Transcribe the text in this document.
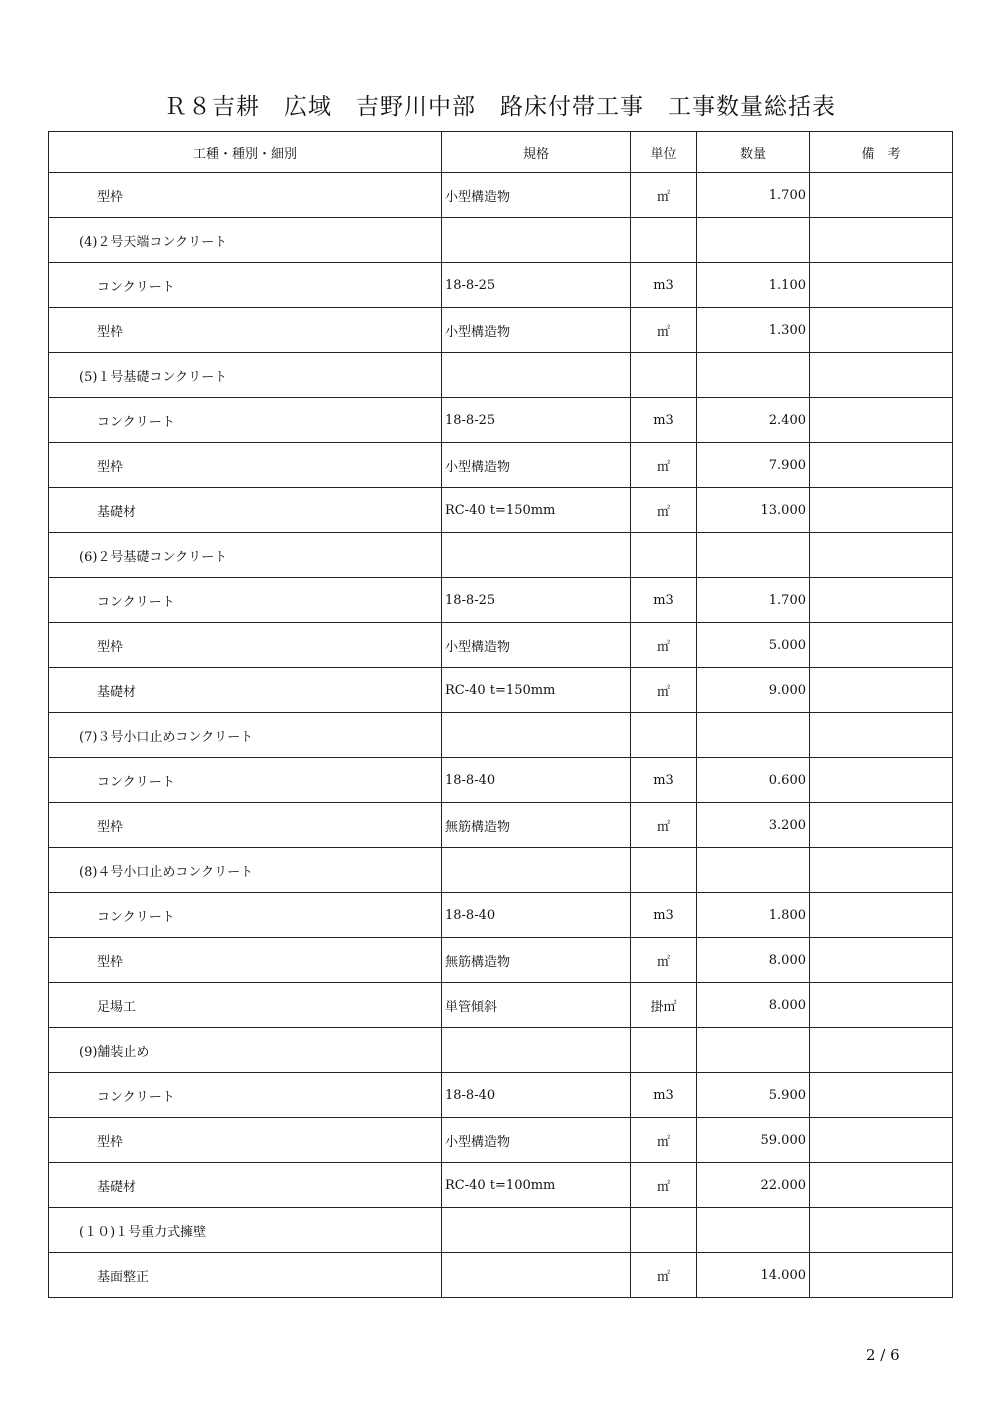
Ｒ８吉耕　広域　吉野川中部　路床付帯工事　工事数量総括表
工種・種別・細別	規格	単位	数量	備　考
型枠	小型構造物	㎡	1.700	
(4)２号天端コンクリート				
コンクリート	18-8-25	m3	1.100	
型枠	小型構造物	㎡	1.300	
(5)１号基礎コンクリート				
コンクリート	18-8-25	m3	2.400	
型枠	小型構造物	㎡	7.900	
基礎材	RC-40 t=150mm	㎡	13.000	
(6)２号基礎コンクリート				
コンクリート	18-8-25	m3	1.700	
型枠	小型構造物	㎡	5.000	
基礎材	RC-40 t=150mm	㎡	9.000	
(7)３号小口止めコンクリート				
コンクリート	18-8-40	m3	0.600	
型枠	無筋構造物	㎡	3.200	
(8)４号小口止めコンクリート				
コンクリート	18-8-40	m3	1.800	
型枠	無筋構造物	㎡	8.000	
足場工	単管傾斜	掛㎡	8.000	
(9)舗装止め				
コンクリート	18-8-40	m3	5.900	
型枠	小型構造物	㎡	59.000	
基礎材	RC-40 t=100mm	㎡	22.000	
(１０)１号重力式擁壁				
基面整正		㎡	14.000	
2 / 6
